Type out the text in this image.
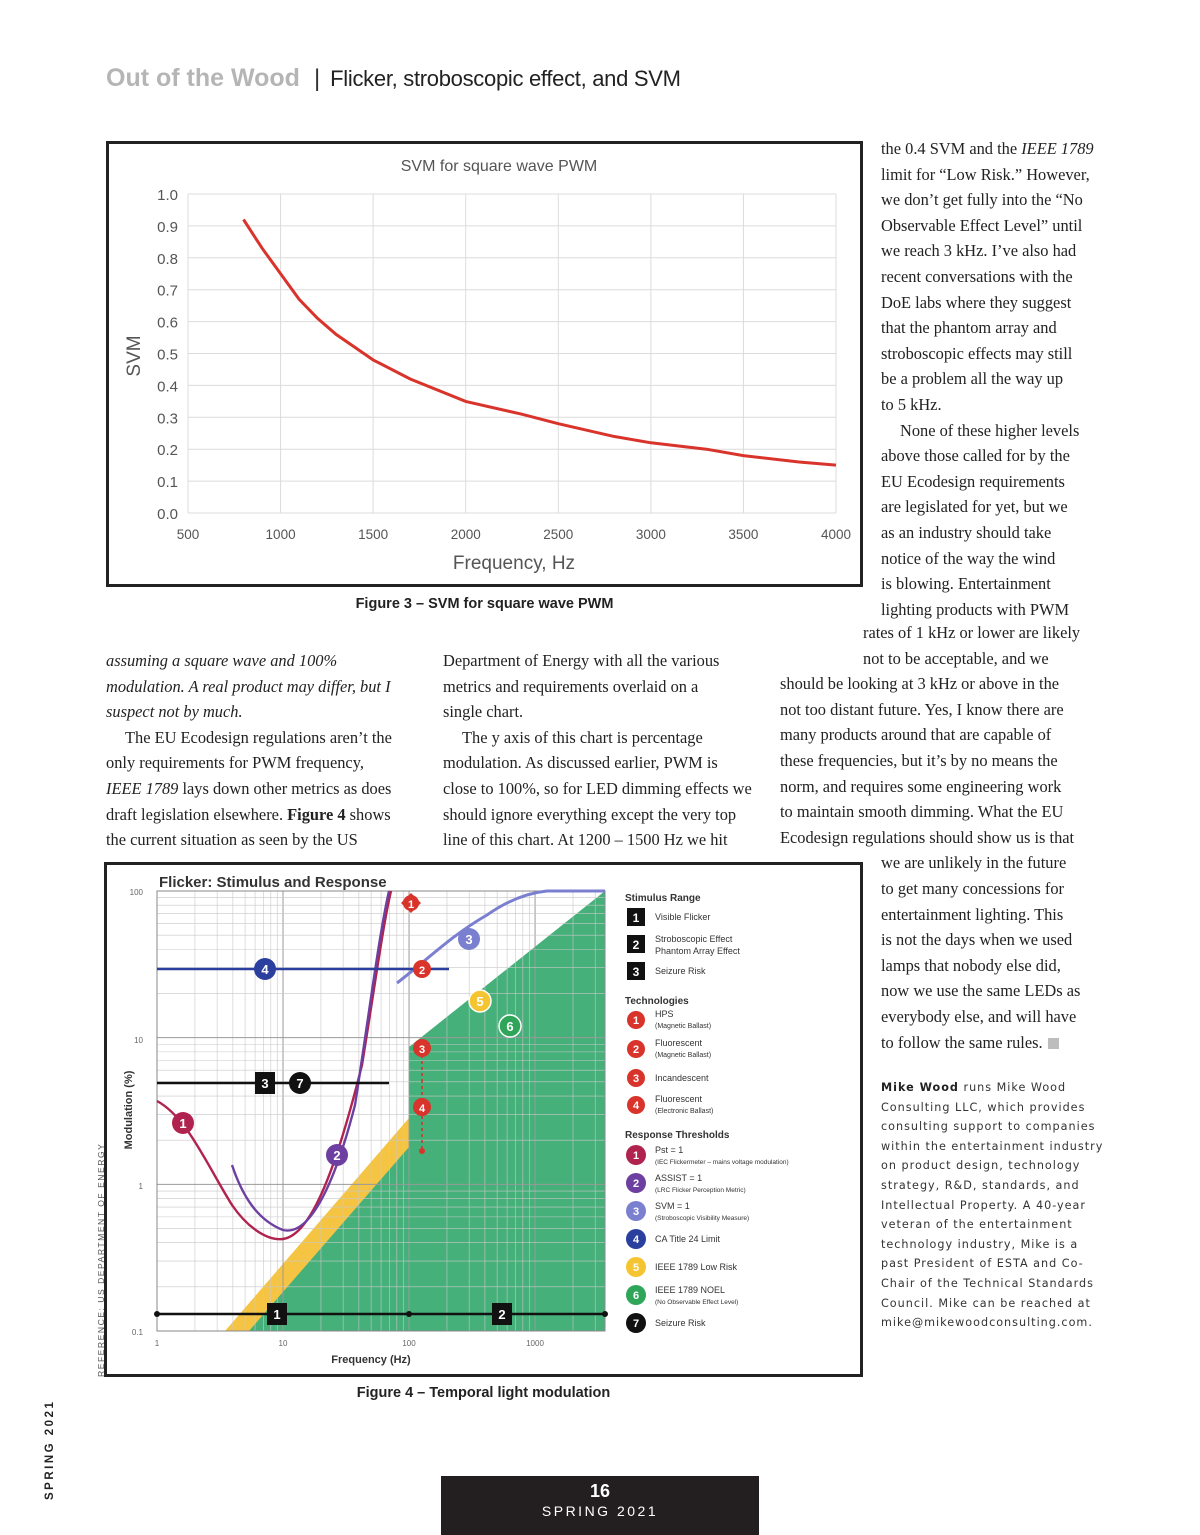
Out of the Wood | Flicker, stroboscopic effect, and SVM
SVM for square wave PWM
0.0
0.1
0.2
0.3
0.4
0.5
0.6
0.7
0.8
0.9
1.0
500	1000	1500	2000	2500	3000	3500	4000
Frequency, Hz
SVM
Figure 3 – SVM for square wave PWM
the 0.4 SVM and the IEEE 1789
limit for “Low Risk.” However,
we don’t get fully into the “No
Observable Effect Level” until
we reach 3 kHz. I’ve also had
recent conversations with the
DoE labs where they suggest
that the phantom array and
stroboscopic effects may still
be a problem all the way up
to 5 kHz.
None of these higher levels
above those called for by the
EU Ecodesign requirements
are legislated for yet, but we
as an industry should take
notice of the way the wind
is blowing. Entertainment
lighting products with PWM
assuming a square wave and 100%
modulation. A real product may differ, but I
suspect not by much.
The EU Ecodesign regulations aren’t the
only requirements for PWM frequency,
IEEE 1789 lays down other metrics as does
draft legislation elsewhere. Figure 4 shows
the current situation as seen by the US
Department of Energy with all the various
metrics and requirements overlaid on a
single chart.
The y axis of this chart is percentage
modulation. As discussed earlier, PWM is
close to 100%, so for LED dimming effects we
should ignore everything except the very top
line of this chart. At 1200 – 1500 Hz we hit
rates of 1 kHz or lower are likely
not to be acceptable, and we
should be looking at 3 kHz or above in the
not too distant future. Yes, I know there are
many products around that are capable of
these frequencies, but it’s by no means the
norm, and requires some engineering work
to maintain smooth dimming. What the EU
Ecodesign regulations should show us is that
we are unlikely in the future
to get many concessions for
entertainment lighting. This
is not the days when we used
lamps that nobody else did,
now we use the same LEDs as
everybody else, and will have
to follow the same rules.
Mike Wood runs Mike Wood
Consulting LLC, which provides
consulting support to companies
within the entertainment industry
on product design, technology
strategy, R&D, standards, and
Intellectual Property. A 40-year
veteran of the entertainment
technology industry, Mike is a
past President of ESTA and Co-
Chair of the Technical Standards
Council. Mike can be reached at
mike@mikewoodconsulting.com.
Flicker: Stimulus and Response
100
10
1
0.1
1	10	100	1000
Frequency (Hz)
Modulation (%)
1	2
3 7
4
1
2
3
5
6
1
2
3
4
Stimulus Range
1 Visible Flicker
2 Stroboscopic Effect
Phantom Array Effect
3 Seizure Risk
Technologies
1
HPS
(Magnetic Ballast)
2
Fluorescent
(Magnetic Ballast)
3 Incandescent
4
Fluorescent
(Electronic Ballast)
Response Thresholds
1 Pst = 1
(IEC Flickermeter – mains voltage modulation)
2 ASSIST = 1
(LRC Flicker Perception Metric)
3 SVM = 1
(Stroboscopic Visibility Measure)
4 CA Title 24 Limit
5 IEEE 1789 Low Risk
6 IEEE 1789 NOEL
(No Observable Effect Level)
7 Seizure Risk
Figure 4 – Temporal light modulation
REFERENCE: US DEPARTMENT OF ENERGY
SPRING 2021	16
SPRING 2021
